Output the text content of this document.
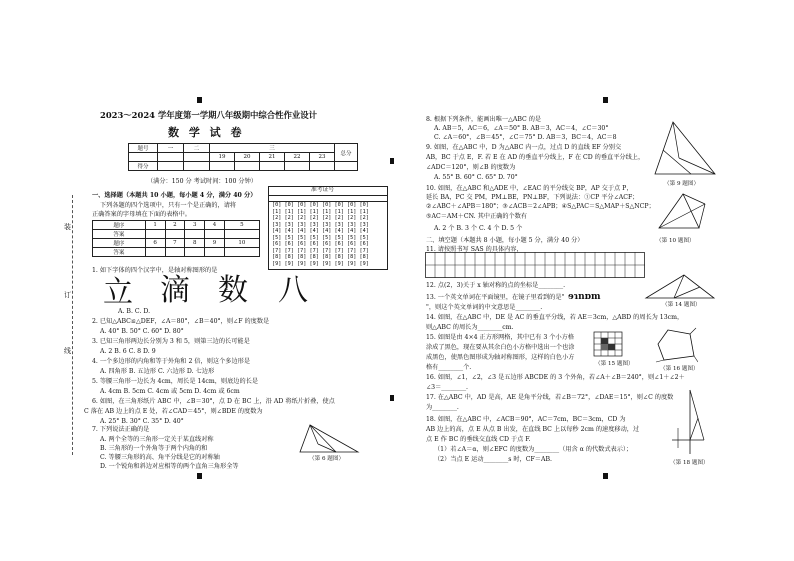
装
订
线
2023～2024 学年度第一学期八年级期中综合性作业设计
数 学 试 卷
题号	一	二	三					总分
			19	20	21	22	23	
得分								
（满分：150 分 考试时间：100 分钟）
一、选择题（本题共 10 小题，每小题 4 分，满分 40 分）
下列各题的四个选项中，只有一个是正确的，请将
正确答案的字母填在下面的表格中。
题序	1	2	3	4	5
答案					
题序	6	7	8	9	10
答案					
准考证号
[0] [0] [0] [0] [0] [0] [0] [0]
[1] [1] [1] [1] [1] [1] [1] [1]
[2] [2] [2] [2] [2] [2] [2] [2]
[3] [3] [3] [3] [3] [3] [3] [3]
[4] [4] [4] [4] [4] [4] [4] [4]
[5] [5] [5] [5] [5] [5] [5] [5]
[6] [6] [6] [6] [6] [6] [6] [6]
[7] [7] [7] [7] [7] [7] [7] [7]
[8] [8] [8] [8] [8] [8] [8] [8]
[9] [9] [9] [9] [9] [9] [9] [9]
1. 如下字体的四个汉字中，是轴对称图形的是
A. B. C. D.
2. 已知△ABC≌△DEF，∠A＝80°，∠B＝40°，则∠F 的度数是
A. 40° B. 50° C. 60° D. 80°
3. 已知三角形两边长分别为 3 和 5，则第三边的长可能是
A. 2 B. 6 C. 8 D. 9
4. 一个多边形的内角和等于外角和 2 倍，则这个多边形是
A. 四角形 B. 五边形 C. 六边形 D. 七边形
5. 等腰三角形一边长为 4cm，周长是 14cm，则底边的长是
A. 4cm B. 5cm C. 4cm 或 5cm D. 4cm 或 6cm
6. 如图，在三角形纸片 ABC 中，∠B＝30°，点 D 在 BC 上，沿 AD 将纸片折叠，使点
C 落在 AB 边上的点 E 处，若∠CAD＝45°，则∠BDE 的度数为
A. 25° B. 30° C. 35° D. 40°
7. 下列说法正确的是
A. 两个全等的三角形一定关于某直线对称
B. 三角形的一个外角等于两个内角的和
C. 等腰三角形的高、角平分线是它的对称轴
D. 一个锐角和斜边对应相等的两个直角三角形全等
⽴ 滴 数 ⼋
（第 6 题图）
8. 根据下列条件，能画出唯一△ABC 的是
A. AB＝5，AC＝6，∠A＝50° B. AB＝3，AC＝4，∠C＝30°
C. ∠A＝60°，∠B＝45°，∠C＝75° D. AB＝3，BC＝4，AC＝8
9. 如图，在△ABC 中，D 为△ABC 内一点，过点 D 的直线 EF 分别交
AB，BC 于点 E，F. 若 E 在 AD 的垂直平分线上，F 在 CD 的垂直平分线上，
∠ADC＝120°，则∠B 的度数为
A. 55° B. 60° C. 65° D. 70°
10. 如图，在△ABC 和△ADE 中，∠EAC 的平分线交 BP，AP 交于点 P，
延长 BA，PC 交 PM，PM⊥BE，PN⊥BF，下列说法：①CP 平分∠ACF；
②∠ABC＋∠APB＝180°；③∠ACB＝2∠APB；④S△PAC＝S△MAP＋S△NCP；
⑤AC＝AM＋CN. 其中正确的个数有
A. 2 个 B. 3 个 C. 4 个 D. 5 个
二、填空题（本题共 8 小题，每小题 5 分，满分 40 分）
11. 请按照书写 SAS 的具体内容，
12. 点(2，3)关于 x 轴对称的点的坐标是________.
13. 一个英文单词在平面镜里，在镜子里看到的是"
"，则这个英文单词的中文意思是________.
14. 如图，在△ABC 中，DE 是 AC 的垂直平分线，若 AE＝3cm，△ABD 的周长为 13cm，
则△ABC 的周长为________cm.
15. 如图是由 4×4 正方形网格，其中已有 3 个小方格
涂成了黑色，现在要从其余白色小方格中选出一个也涂
成黑色，使黑色图形成为轴对称图形，这样的白色小方
格有________个.
16. 如图，∠1，∠2，∠3 是五边形 ABCDE 的 3 个外角，若∠A＋∠B＝240°，则∠1＋∠2＋
∠3＝________.
17. 在△ABC 中，AD 是高，AE 是角平分线，若∠B＝72°，∠DAE＝15°，则∠C 的度数
为________.
18. 如图，在△ABC 中，∠ACB＝90°，AC＝7cm，BC＝3cm，CD 为
AB 边上的高，点 E 从点 B 出发，在直线 BC 上以每秒 2cm 的速度移动，过
点 E 作 BC 的垂线交直线 CD 于点 F.
（1）若∠A＝α，则∠EFC 的度数为________（用含 α 的代数式表示）；
（2）当点 E 运动________s 时，CF＝AB.
ɘɿnɒm
（第 9 题图）
（第 10 题图）
（第 14 题图）
（第 15 题图）
（第 16 题图）
（第 18 题图）
